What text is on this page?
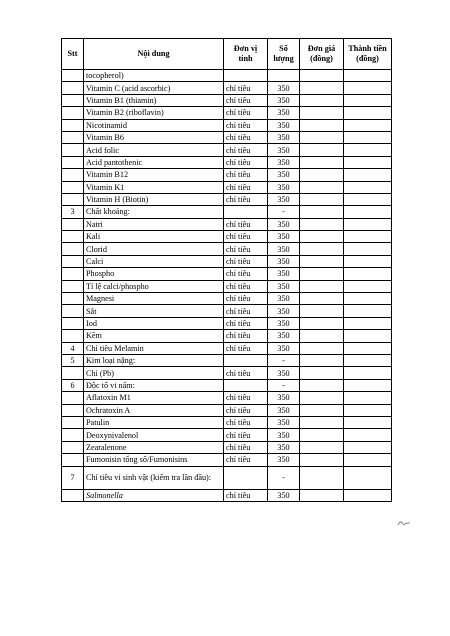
Stt	Nội dung	Đơn vị tính	Số lượng	Đơn giá (đồng)	Thành tiền (đồng)
	tocopherol)				
	Vitamin C (acid ascorbic)	chỉ tiêu	350		
	Vitamin B1 (thiamin)	chỉ tiêu	350		
	Vitamin B2 (riboflavin)	chỉ tiêu	350		
	Nicotinamid	chỉ tiêu	350		
	Vitamin B6	chỉ tiêu	350		
	Acid folic	chỉ tiêu	350		
	Acid pantothenic	chỉ tiêu	350		
	Vitamin B12	chỉ tiêu	350		
	Vitamin K1	chỉ tiêu	350		
	Vitamin H (Biotin)	chỉ tiêu	350		
3	Chất khoáng:		-		
	Natri	chỉ tiêu	350		
	Kali	chỉ tiêu	350		
	Clorid	chỉ tiêu	350		
	Calci	chỉ tiêu	350		
	Phospho	chỉ tiêu	350		
	Tỉ lệ calci/phospho	chỉ tiêu	350		
	Magnesi	chỉ tiêu	350		
	Sắt	chỉ tiêu	350		
	Iod	chỉ tiêu	350		
	Kẽm	chỉ tiêu	350		
4	Chỉ tiêu Melamin	chỉ tiêu	350		
5	Kim loại nặng:		-		
	Chì (Pb)	chỉ tiêu	350		
6	Độc tố vi nấm:		-		
	Aflatoxin M1	chỉ tiêu	350		
	Ochratoxin A	chỉ tiêu	350		
	Patulin	chỉ tiêu	350		
	Deoxynivalenol	chỉ tiêu	350		
	Zearalenone	chỉ tiêu	350		
	Fumonisin tổng số/Fumonisins	chỉ tiêu	350		
7	Chỉ tiêu vi sinh vật (kiểm tra lần đầu):		-		
	Salmonella	chỉ tiêu	350		
